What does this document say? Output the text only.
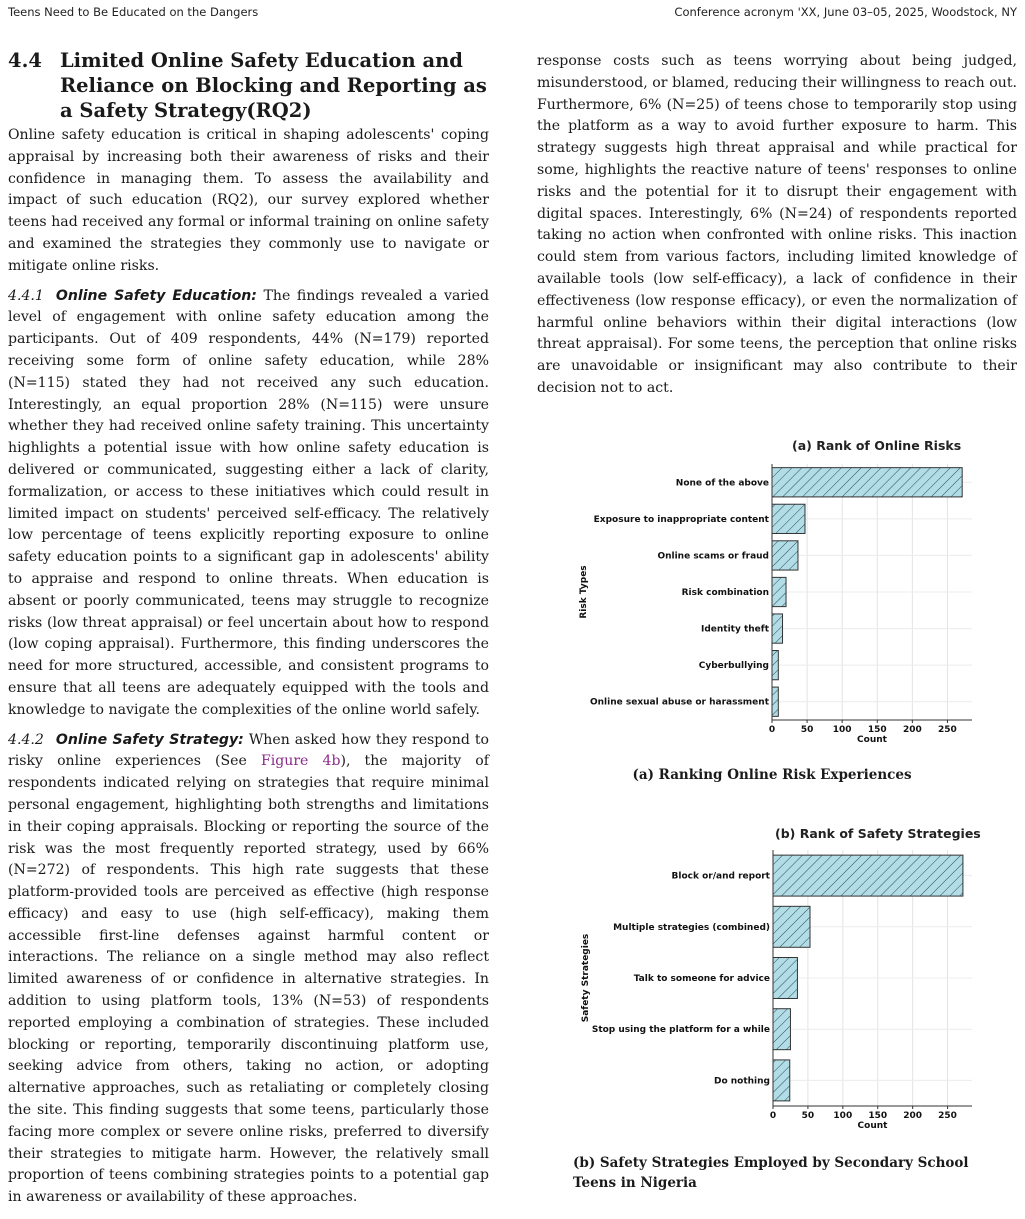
Teens Need to Be Educated on the Dangers	Conference acronym 'XX, June 03–05, 2025, Woodstock, NY
4.4 Limited Online Safety Education and Reliance on Blocking and Reporting as a Safety Strategy(RQ2)

Online safety education is critical in shaping adolescents' coping appraisal by increasing both their awareness of risks and their confidence in managing them. To assess the availability and impact of such education (RQ2), our survey explored whether teens had received any formal or informal training on online safety and examined the strategies they commonly use to navigate or mitigate online risks.

4.4.1 Online Safety Education: The findings revealed a varied level of engagement with online safety education among the participants. Out of 409 respondents, 44% (N=179) reported receiving some form of online safety education, while 28% (N=115) stated they had not received any such education. Interestingly, an equal proportion 28% (N=115) were unsure whether they had received online safety training. This uncertainty highlights a potential issue with how online safety education is delivered or communicated, suggesting either a lack of clarity, formalization, or access to these initiatives which could result in limited impact on students' perceived self-efficacy. The relatively low percentage of teens explicitly reporting exposure to online safety education points to a significant gap in adolescents' ability to appraise and respond to online threats. When education is absent or poorly communicated, teens may struggle to recognize risks (low threat appraisal) or feel uncertain about how to respond (low coping appraisal). Furthermore, this finding underscores the need for more structured, accessible, and consistent programs to ensure that all teens are adequately equipped with the tools and knowledge to navigate the complexities of the online world safely.

4.4.2 Online Safety Strategy: When asked how they respond to risky online experiences (See Figure 4b), the majority of respondents indicated relying on strategies that require minimal personal engagement, highlighting both strengths and limitations in their coping appraisals. Blocking or reporting the source of the risk was the most frequently reported strategy, used by 66% (N=272) of respondents. This high rate suggests that these platform-provided tools are perceived as effective (high response efficacy) and easy to use (high self-efficacy), making them accessible first-line defenses against harmful content or interactions. The reliance on a single method may also reflect limited awareness of or confidence in alternative strategies. In addition to using platform tools, 13% (N=53) of respondents reported employing a combination of strategies. These included blocking or reporting, temporarily discontinuing platform use, seeking advice from others, taking no action, or adopting alternative approaches, such as retaliating or completely closing the site. This finding suggests that some teens, particularly those facing more complex or severe online risks, preferred to diversify their strategies to mitigate harm. However, the relatively small proportion of teens combining strategies points to a potential gap in awareness or availability of these approaches.

response costs such as teens worrying about being judged, misunderstood, or blamed, reducing their willingness to reach out. Furthermore, 6% (N=25) of teens chose to temporarily stop using the platform as a way to avoid further exposure to harm. This strategy suggests high threat appraisal and while practical for some, highlights the reactive nature of teens' responses to online risks and the potential for it to disrupt their engagement with digital spaces. Interestingly, 6% (N=24) of respondents reported taking no action when confronted with online risks. This inaction could stem from various factors, including limited knowledge of available tools (low self-efficacy), a lack of confidence in their effectiveness (low response efficacy), or even the normalization of harmful online behaviors within their digital interactions (low threat appraisal). For some teens, the perception that online risks are unavoidable or insignificant may also contribute to their decision not to act.

(a) Rank of Online Risks
None of the above
Exposure to inappropriate content
Online scams or fraud
Risk combination
Identity theft
Cyberbullying
Online sexual abuse or harassment
0	50 100 150 200 250
Count
Risk Types
(a) Ranking Online Risk Experiences
(b) Rank of Safety Strategies
Block or/and report
Multiple strategies (combined)
Talk to someone for advice
Stop using the platform for a while
Do nothing
0	50 100 150 200 250
Count
Safety Strategies
(b) Safety Strategies Employed by Secondary School Teens in Nigeria
